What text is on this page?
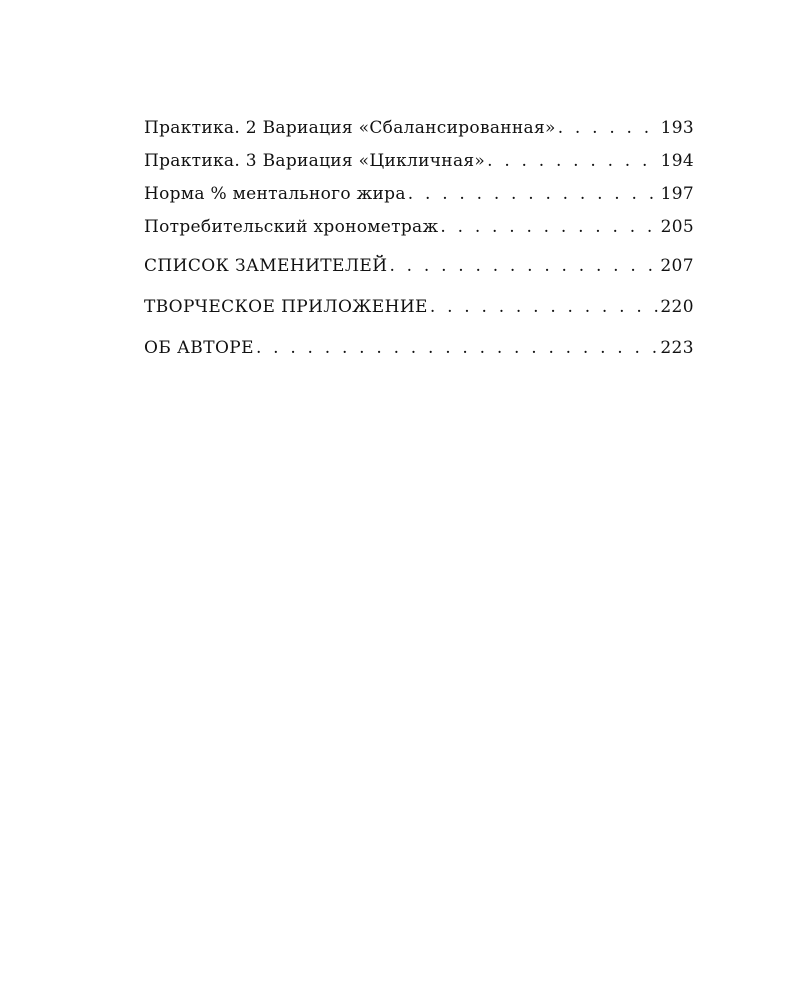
Практика. 2 Вариация «Сбалансированная» . . .	193
Практика. 3 Вариация «Цикличная» . . .	194
Норма % ментального жира . . .	197
Потребительский хронометраж . . .	205
СПИСОК ЗАМЕНИТЕЛЕЙ . . .	207
ТВОРЧЕСКОЕ ПРИЛОЖЕНИЕ . . .	220
ОБ АВТОРЕ . . .	223
